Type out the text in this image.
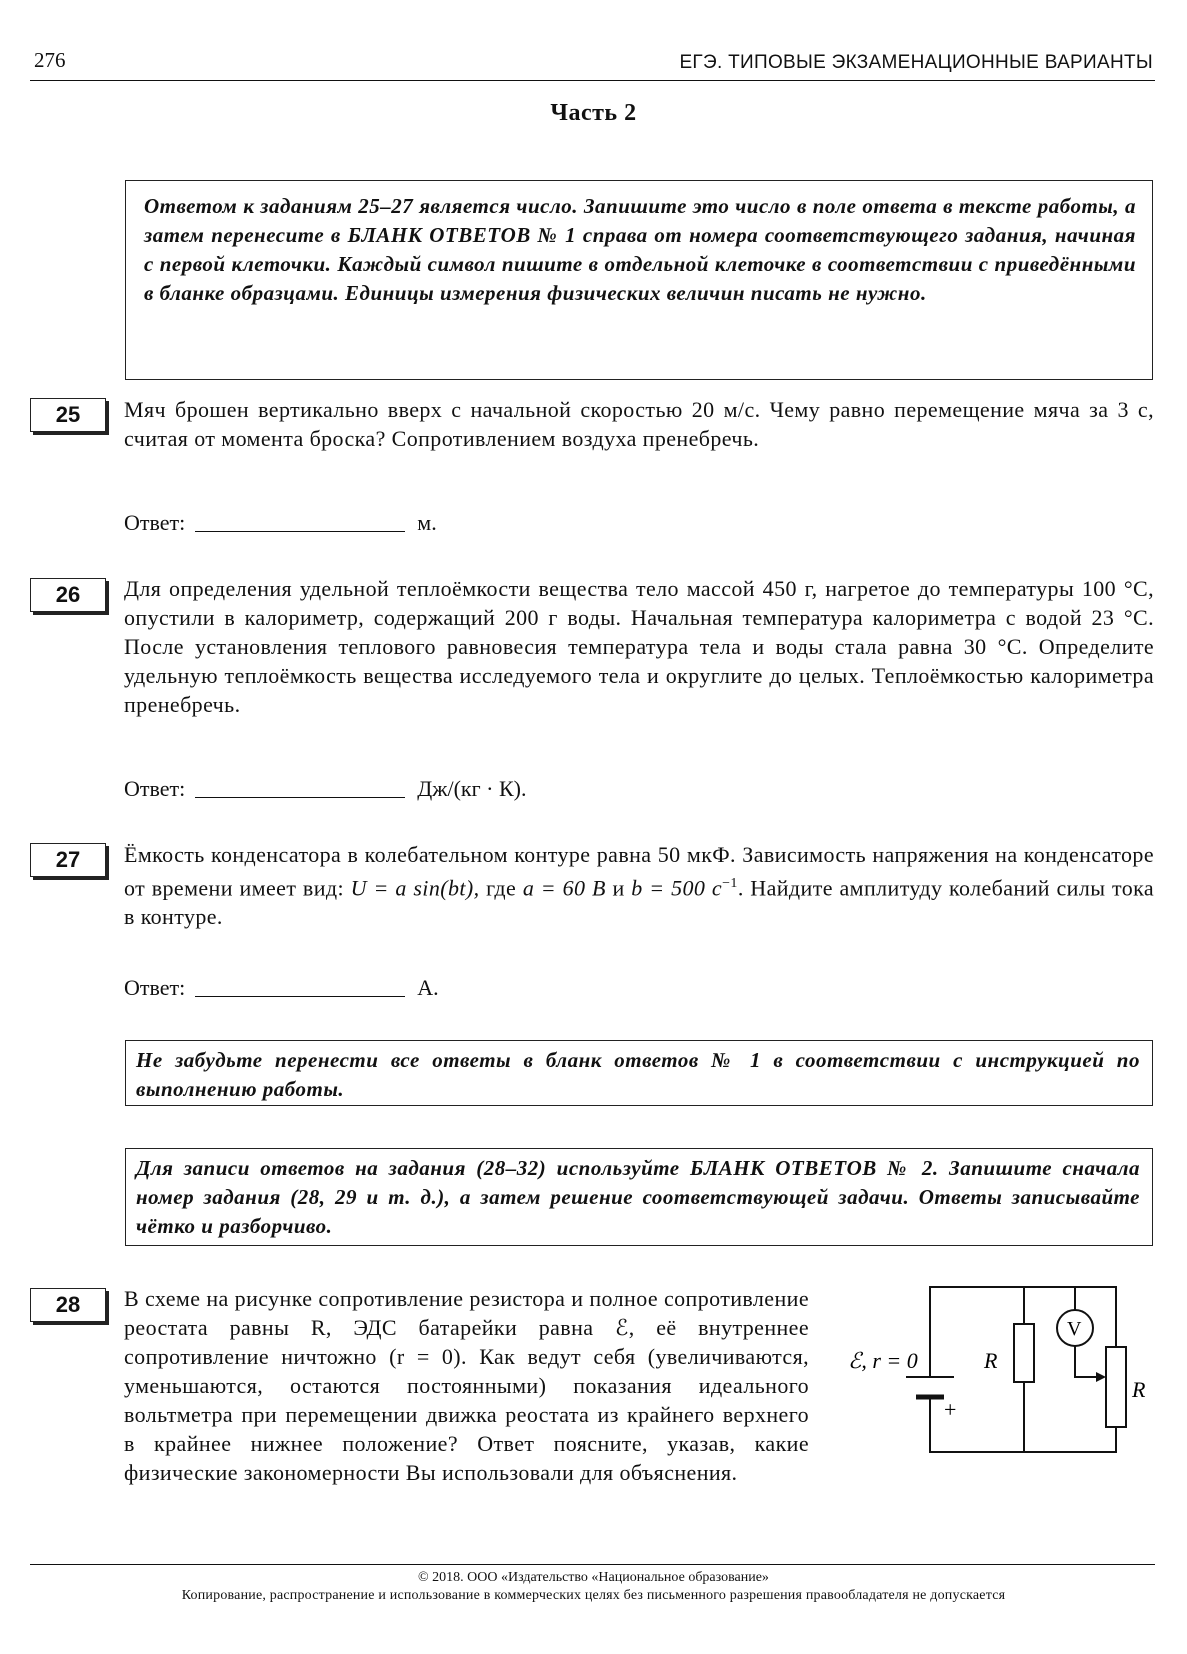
276	ЕГЭ. ТИПОВЫЕ ЭКЗАМЕНАЦИОННЫЕ ВАРИАНТЫ
Часть 2
Ответом к заданиям 25–27 является число. Запишите это число в поле ответа в тексте работы, а затем перенесите в БЛАНК ОТВЕТОВ № 1 справа от номера соответствующего задания, начиная с первой клеточки. Каждый символ пишите в отдельной клеточке в соответствии с приведёнными в бланке образцами. Единицы измерения физических величин писать не нужно.
25	Мяч брошен вертикально вверх с начальной скоростью 20 м/с. Чему равно перемещение мяча за 3 с, считая от момента броска? Сопротивлением воздуха пренебречь.
Ответ:	м.
26	Для определения удельной теплоёмкости вещества тело массой 450 г, нагретое до температуры 100 °С, опустили в калориметр, содержащий 200 г воды. Начальная температура калориметра с водой 23 °С. После установления теплового равновесия температура тела и воды стала равна 30 °С. Определите удельную теплоёмкость вещества исследуемого тела и округлите до целых. Теплоёмкостью калориметра пренебречь.
Ответ:	Дж/(кг · К).
27	Ёмкость конденсатора в колебательном контуре равна 50 мкФ. Зависимость напряжения на конденсаторе от времени имеет вид: U = a sin(bt), где a = 60 В и b = 500 $с^{-1}$. Найдите амплитуду колебаний силы тока в контуре.
Ответ:	А.
Не забудьте перенести все ответы в бланк ответов № 1 в соответствии с инструкцией по выполнению работы.
Для записи ответов на задания (28–32) используйте БЛАНК ОТВЕТОВ № 2. Запишите сначала номер задания (28, 29 и т. д.), а затем решение соответствующей задачи. Ответы записывайте чётко и разборчиво.
28	В схеме на рисунке сопротивление резистора и полное сопротивление реостата равны R, ЭДС батарейки равна ℰ, её внутреннее сопротивление ничтожно (r = 0). Как ведут себя (увеличиваются, уменьшаются, остаются постоянными) показания идеального вольтметра при перемещении движка реостата из крайнего верхнего в крайнее нижнее положение? Ответ поясните, указав, какие физические закономерности Вы использовали для объяснения.
ℰ, r = 0
+
R
V
R
© 2018. ООО «Издательство «Национальное образование»
Копирование, распространение и использование в коммерческих целях без письменного разрешения правообладателя не допускается
